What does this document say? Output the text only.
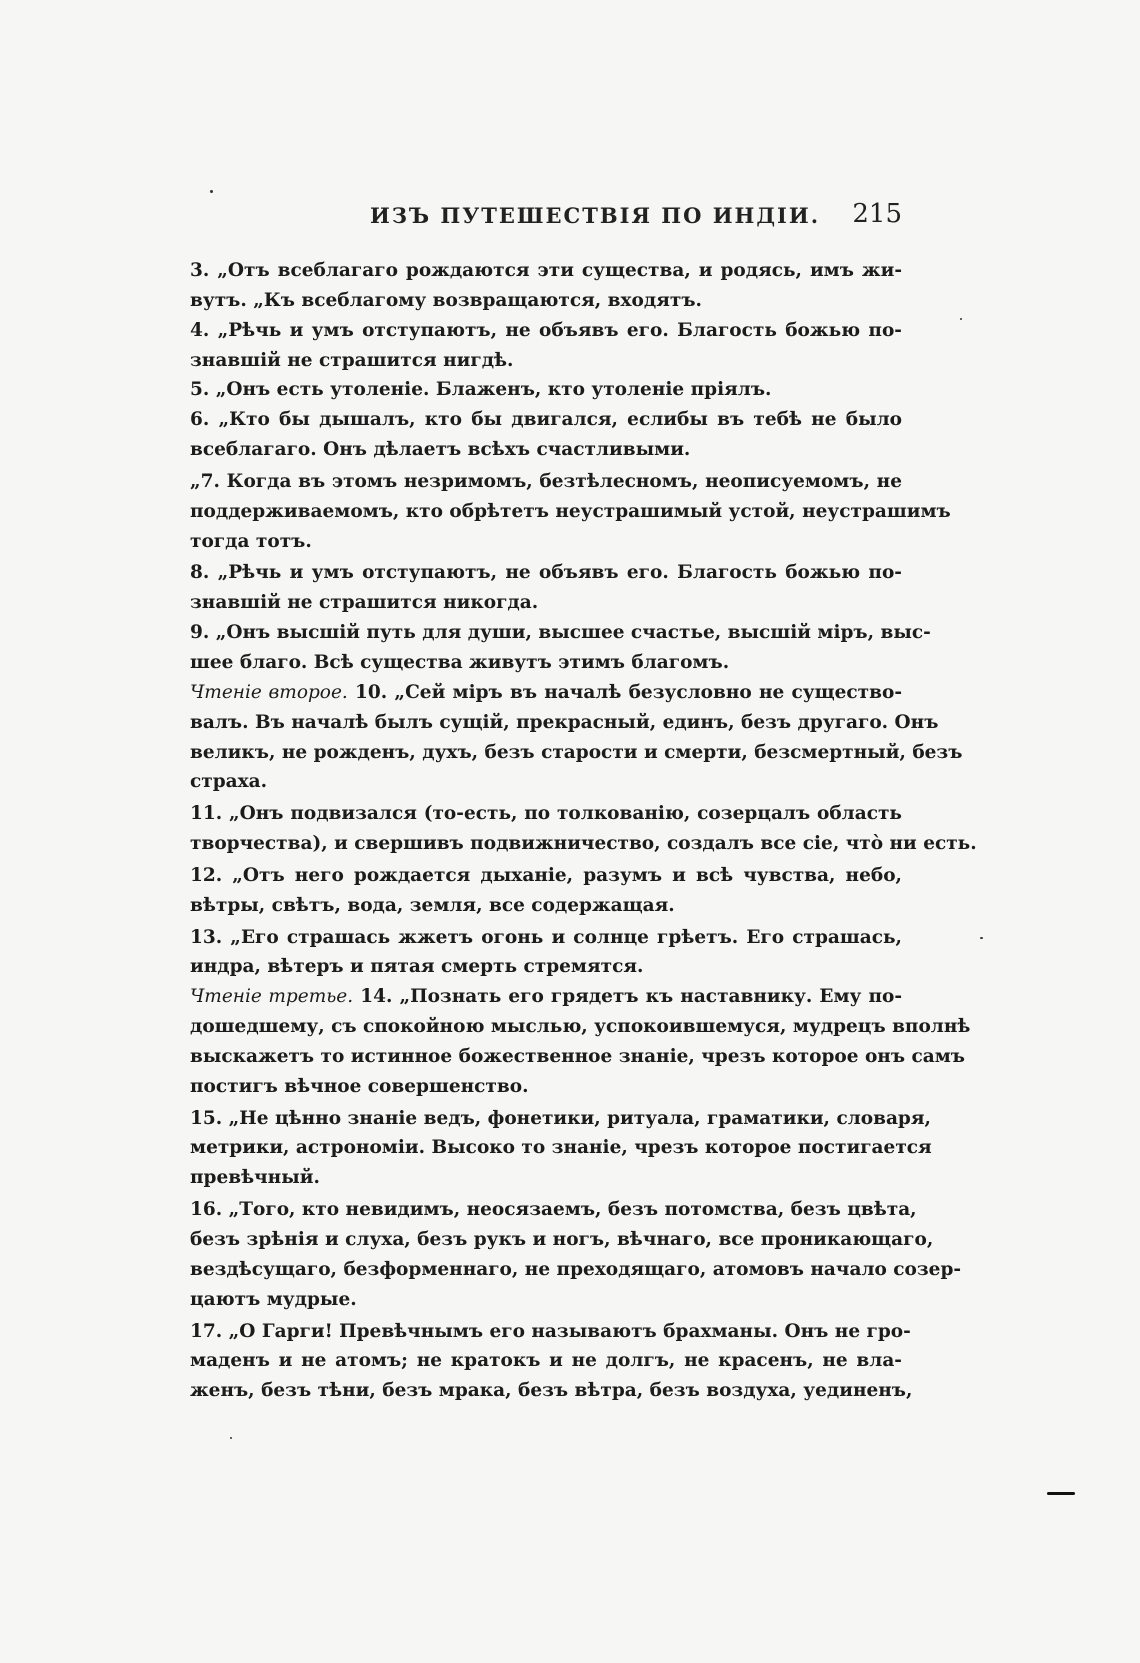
ИЗЪ ПУТЕШЕСТВІЯ ПО ИНДІИ. 215
3. „Отъ всеблагаго рождаются эти существа, и родясь, имъ жи-
вутъ. „Къ всеблагому возвращаются, входятъ.
4. „Рѣчь и умъ отступаютъ, не объявъ его. Благость божью по-
знавшій не страшится нигдѣ.
5. „Онъ есть утоленіе. Блаженъ, кто утоленіе пріялъ.
6. „Кто бы дышалъ, кто бы двигался, еслибы въ тебѣ не было
всеблагаго. Онъ дѣлаетъ всѣхъ счастливыми.
„7. Когда въ этомъ незримомъ, безтѣлесномъ, неописуемомъ, не
поддерживаемомъ, кто обрѣтетъ неустрашимый устой, неустрашимъ
тогда тотъ.
8. „Рѣчь и умъ отступаютъ, не объявъ его. Благость божью по-
знавшій не страшится никогда.
9. „Онъ высшій путь для души, высшее счастье, высшій міръ, выс-
шее благо. Всѣ существа живутъ этимъ благомъ.
Чтеніе второе. 10. „Сей міръ въ началѣ безусловно не существо-
валъ. Въ началѣ былъ сущій, прекрасный, единъ, безъ другаго. Онъ
великъ, не рожденъ, духъ, безъ старости и смерти, безсмертный, безъ
страха.
11. „Онъ подвизался (то-есть, по толкованію, созерцалъ область
творчества), и свершивъ подвижничество, создалъ все сіе, что̀ ни есть.
12. „Отъ него рождается дыханіе, разумъ и всѣ чувства, небо,
вѣтры, свѣтъ, вода, земля, все содержащая.
13. „Его страшась жжетъ огонь и солнце грѣетъ. Его страшась,
индра, вѣтеръ и пятая смерть стремятся.
Чтеніе третье. 14. „Познать его грядетъ къ наставнику. Ему по-
дошедшему, съ спокойною мыслью, успокоившемуся, мудрецъ вполнѣ
выскажетъ то истинное божественное знаніе, чрезъ которое онъ самъ
постигъ вѣчное совершенство.
15. „Не цѣнно знаніе ведъ, фонетики, ритуала, граматики, словаря,
метрики, астрономіи. Высоко то знаніе, чрезъ которое постигается
превѣчный.
16. „Того, кто невидимъ, неосязаемъ, безъ потомства, безъ цвѣта,
безъ зрѣнія и слуха, безъ рукъ и ногъ, вѣчнаго, все проникающаго,
вездѣсущаго, безформеннаго, не преходящаго, атомовъ начало созер-
цаютъ мудрые.
17. „О Гарги! Превѣчнымъ его называютъ брахманы. Онъ не гро-
маденъ и не атомъ; не кратокъ и не долгъ, не красенъ, не вла-
женъ, безъ тѣни, безъ мрака, безъ вѣтра, безъ воздуха, уединенъ,
